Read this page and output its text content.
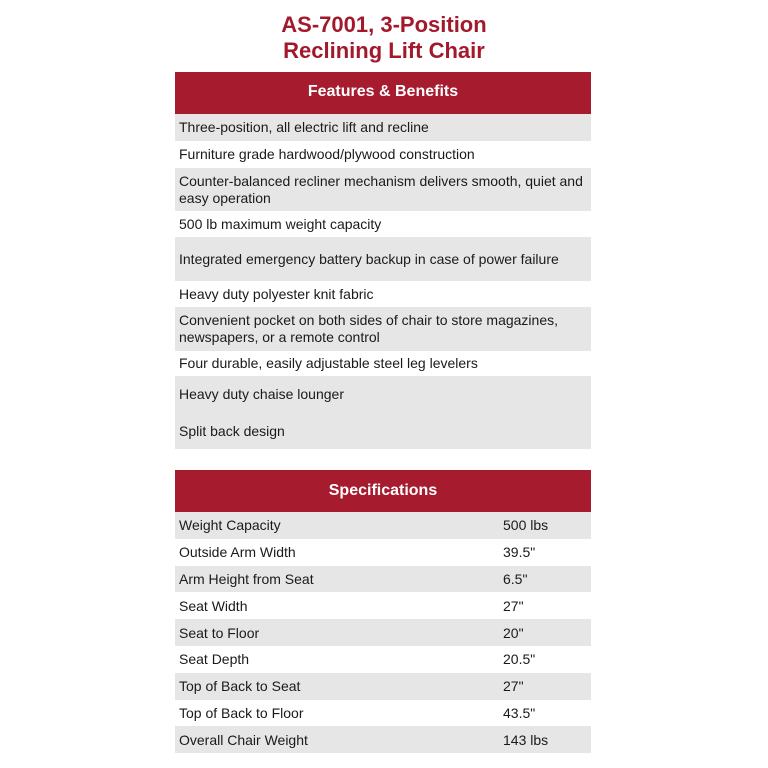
AS-7001, 3-Position
Reclining Lift Chair
Features & Benefits
Three-position, all electric lift and recline
Furniture grade hardwood/plywood construction
Counter-balanced recliner mechanism delivers smooth, quiet and easy operation
500 lb maximum weight capacity
Integrated emergency battery backup in case of power failure
Heavy duty polyester knit fabric
Convenient pocket on both sides of chair to store magazines, newspapers, or a remote control
Four durable, easily adjustable steel leg levelers
Heavy duty chaise lounger
Split back design
Specifications
Weight Capacity	500 lbs
Outside Arm Width	39.5"
Arm Height from Seat	6.5"
Seat Width	27"
Seat to Floor	20"
Seat Depth	20.5"
Top of Back to Seat	27"
Top of Back to Floor	43.5"
Overall Chair Weight	143 lbs
